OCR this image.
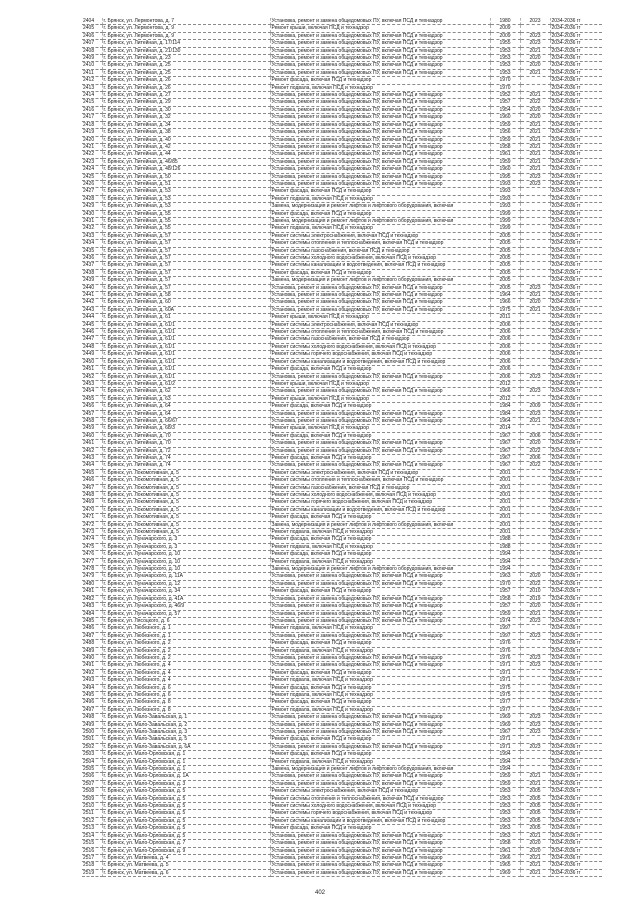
2404	г. Брянск, ул. Лермонтова, д. 7	Установка, ремонт и замена общедомовых ПУ, включая ПСД и техназдор	1980	2023	2034-2036 гг
2405	г. Брянск, ул. Лермонтова, д. 9	Ремонт крыши, включая ПСД и технадзор	2009		2034-2036 гг
2406	г. Брянск, ул. Лермонтова, д. 9	Установка, ремонт и замена общедомовых ПУ, включая ПСД и технадзор	2009	2023	2034-2036 гг
2407	г. Брянск, ул. Литейная, д. 17/114	Установка, ремонт и замена общедомовых ПУ, включая ПСД и технадзор	1955	2023	2034-2036 гг
2408	г. Брянск, ул. Литейная, д. 21/130	Установка, ремонт и замена общедомовых ПУ, включая ПСД и технадзор	1953	2021	2034-2036 гг
2409	г. Брянск, ул. Литейная, д. 23	Установка, ремонт и замена общедомовых ПУ, включая ПСД и технадзор	1953	2020	2034-2036 гг
2410	г. Брянск, ул. Литейная, д. 25	Установка, ремонт и замена общедомовых ПУ, включая ПСД и технадзор	1953	2020	2034-2036 гг
2411	г. Брянск, ул. Литейная, д. 25	Установка, ремонт и замена общедомовых ПУ, включая ПСД и технадзор	1953	2021	2034-2036 гг
2412	г. Брянск, ул. Литейная, д. 26	Ремонт фасада, включая ПСД и технадзор	1970		2034-2036 гг
2413	г. Брянск, ул. Литейная, д. 26	Ремонт подвала, включая ПСД и технадзор	1970		2034-2036 гг
2414	г. Брянск, ул. Литейная, д. 27	Установка, ремонт и замена общедомовых ПУ, включая ПСД и технадзор	1952	2021	2034-2036 гг
2415	г. Брянск, ул. Литейная, д. 29	Установка, ремонт и замена общедомовых ПУ, включая ПСД и технадзор	1957	2022	2034-2036 гг
2416	г. Брянск, ул. Литейная, д. 30	Установка, ремонт и замена общедомовых ПУ, включая ПСД и технадзор	1954	2020	2034-2036 гг
2417	г. Брянск, ул. Литейная, д. 32	Установка, ремонт и замена общедомовых ПУ, включая ПСД и технадзор	1960	2020	2034-2036 гг
2418	г. Брянск, ул. Литейная, д. 34	Установка, ремонт и замена общедомовых ПУ, включая ПСД и технадзор	1959	2021	2034-2036 гг
2419	г. Брянск, ул. Литейная, д. 38	Установка, ремонт и замена общедомовых ПУ, включая ПСД и технадзор	1956	2021	2034-2036 гг
2420	г. Брянск, ул. Литейная, д. 40	Установка, ремонт и замена общедомовых ПУ, включая ПСД и технадзор	1959	2021	2034-2036 гг
2421	г. Брянск, ул. Литейная, д. 42	Установка, ремонт и замена общедомовых ПУ, включая ПСД и технадзор	1958	2021	2034-2036 гг
2422	г. Брянск, ул. Литейная, д. 44	Установка, ремонт и замена общедомовых ПУ, включая ПСД и технадзор	1961	2021	2034-2036 гг
2423	г. Брянск, ул. Литейная, д. 46/85	Установка, ремонт и замена общедомовых ПУ, включая ПСД и технадзор	1959	2021	2034-2036 гг
2424	г. Брянск, ул. Литейная, д. 48/126	Установка, ремонт и замена общедомовых ПУ, включая ПСД и технадзор	1960	2021	2034-2036 гг
2425	г. Брянск, ул. Литейная, д. 50	Установка, ремонт и замена общедомовых ПУ, включая ПСД и технадзор	1995	2023	2034-2036 гг
2426	г. Брянск, ул. Литейная, д. 51	Установка, ремонт и замена общедомовых ПУ, включая ПСД и технадзор	1993	2023	2034-2036 гг
2427	г. Брянск, ул. Литейная, д. 53	Ремонт фасада, включая ПСД и технадзор	1993		2034-2036 гг
2428	г. Брянск, ул. Литейная, д. 53	Ремонт подвала, включая ПСД и технадзор	1993		2034-2036 гг
2429	г. Брянск, ул. Литейная, д. 53	Замена, модернизация и ремонт лифтов и лифтового оборудования, включая	1993		2034-2036 гг
2430	г. Брянск, ул. Литейная, д. 55	Ремонт фасада, включая ПСД и технадзор	1999		2034-2036 гг
2431	г. Брянск, ул. Литейная, д. 55	Замена, модернизация и ремонт лифтов и лифтового оборудования, включая	1999		2034-2036 гг
2432	г. Брянск, ул. Литейная, д. 55	Ремонт подвала, включая ПСД и технадзор	1999		2034-2036 гг
2433	г. Брянск, ул. Литейная, д. 57	Ремонт системы электроснабжения, включая ПСД и технадзор	2005		2034-2036 гг
2434	г. Брянск, ул. Литейная, д. 57	Ремонт системы отопления и теплоснабжения, включая ПСД и технадзор	2005		2034-2036 гг
2435	г. Брянск, ул. Литейная, д. 57	Ремонт системы газоснабжения, включая ПСД и технадзор	2005		2034-2036 гг
2436	г. Брянск, ул. Литейная, д. 57	Ремонт системы холодного водоснабжения, включая ПСД и технадзор	2005		2034-2036 гг
2437	г. Брянск, ул. Литейная, д. 57	Ремонт системы канализации и водоотведения, включая ПСД и технадзор	2005		2034-2036 гг
2438	г. Брянск, ул. Литейная, д. 57	Ремонт фасада, включая ПСД и технадзор	2005		2034-2036 гг
2439	г. Брянск, ул. Литейная, д. 57	Замена, модернизация и ремонт лифтов и лифтового оборудования, включая	2005		2034-2036 гг
2440	г. Брянск, ул. Литейная, д. 57	Установка, ремонт и замена общедомовых ПУ, включая ПСД и технадзор	2005	2023	2034-2036 гг
2441	г. Брянск, ул. Литейная, д. 58	Установка, ремонт и замена общедомовых ПУ, включая ПСД и технадзор	1964	2021	2034-2036 гг
2442	г. Брянск, ул. Литейная, д. 60	Установка, ремонт и замена общедомовых ПУ, включая ПСД и технадзор	1966	2020	2034-2036 гг
2443	г. Брянск, ул. Литейная, д. 60А	Установка, ремонт и замена общедомовых ПУ, включая ПСД и технадзор	1975	2021	2034-2036 гг
2444	г. Брянск, ул. Литейная, д. 61	Ремонт крыши, включая ПСД и технадзор	2011		2034-2036 гг
2445	г. Брянск, ул. Литейная, д. 61/1	Ремонт системы электроснабжения, включая ПСД и технадзор	2006		2034-2036 гг
2446	г. Брянск, ул. Литейная, д. 61/1	Ремонт системы отопления и теплоснабжения, включая ПСД и технадзор	2006		2034-2036 гг
2447	г. Брянск, ул. Литейная, д. 61/1	Ремонт системы газоснабжения, включая ПСД и технадзор	2006		2034-2036 гг
2448	г. Брянск, ул. Литейная, д. 61/1	Ремонт системы холодного водоснабжения, включая ПСД и технадзор	2006		2034-2036 гг
2449	г. Брянск, ул. Литейная, д. 61/1	Ремонт системы горячего водоснабжения, включая ПСД и технадзор	2006		2034-2036 гг
2450	г. Брянск, ул. Литейная, д. 61/1	Ремонт системы канализации и водоотведения, включая ПСД и технадзор	2006		2034-2036 гг
2451	г. Брянск, ул. Литейная, д. 61/1	Ремонт фасада, включая ПСД и технадзор	2006		2034-2036 гг
2452	г. Брянск, ул. Литейная, д. 61/1	Установка, ремонт и замена общедомовых ПУ, включая ПСД и технадзор	2006	2023	2034-2036 гг
2453	г. Брянск, ул. Литейная, д. 61/2	Ремонт крыши, включая ПСД и технадзор	2012		2034-2036 гг
2454	г. Брянск, ул. Литейная, д. 62	Установка, ремонт и замена общедомовых ПУ, включая ПСД и технадзор	1966	2023	2034-2036 гг
2455	г. Брянск, ул. Литейная, д. 63	Ремонт крыши, включая ПСД и технадзор	2012		2034-2036 гг
2456	г. Брянск, ул. Литейная, д. 64	Ремонт фасада, включая ПСД и технадзор	1984	2009	2034-2036 гг
2457	г. Брянск, ул. Литейная, д. 64	Установка, ремонт и замена общедомовых ПУ, включая ПСД и технадзор	1984	2023	2034-2036 гг
2458	г. Брянск, ул. Литейная, д. 66/67	Установка, ремонт и замена общедомовых ПУ, включая ПСД и технадзор	1964	2021	2034-2036 гг
2459	г. Брянск, ул. Литейная, д. 68/3	Ремонт крыши, включая ПСД и технадзор	2014		2034-2036 гг
2460	г. Брянск, ул. Литейная, д. 70	Ремонт фасада, включая ПСД и технадзор	1967	2006	2034-2036 гг
2461	г. Брянск, ул. Литейная, д. 70	Установка, ремонт и замена общедомовых ПУ, включая ПСД и технадзор	1967	2020	2034-2036 гг
2462	г. Брянск, ул. Литейная, д. 72	Установка, ремонт и замена общедомовых ПУ, включая ПСД и технадзор	1967	2022	2034-2036 гг
2463	г. Брянск, ул. Литейная, д. 74	Ремонт фасада, включая ПСД и технадзор	1967	2006	2034-2036 гг
2464	г. Брянск, ул. Литейная, д. 74	Установка, ремонт и замена общедомовых ПУ, включая ПСД и технадзор	1967	2022	2034-2036 гг
2465	г. Брянск, ул. Локомотивная, д. 5	Ремонт системы электроснабжения, включая ПСД и технадзор	2001		2034-2036 гг
2466	г. Брянск, ул. Локомотивная, д. 5	Ремонт системы отопления и теплоснабжения, включая ПСД и технадзор	2001		2034-2036 гг
2467	г. Брянск, ул. Локомотивная, д. 5	Ремонт системы газоснабжения, включая ПСД и технадзор	2001		2034-2036 гг
2468	г. Брянск, ул. Локомотивная, д. 5	Ремонт системы холодного водоснабжения, включая ПСД и технадзор	2001		2034-2036 гг
2469	г. Брянск, ул. Локомотивная, д. 5	Ремонт системы горячего водоснабжения, включая ПСД и технадзор	2001		2034-2036 гг
2470	г. Брянск, ул. Локомотивная, д. 5	Ремонт системы канализации и водоотведения, включая ПСД и технадзор	2001		2034-2036 гг
2471	г. Брянск, ул. Локомотивная, д. 5	Ремонт фасада, включая ПСД и технадзор	2001		2034-2036 гг
2472	г. Брянск, ул. Локомотивная, д. 5	Замена, модернизация и ремонт лифтов и лифтового оборудования, включая	2001		2034-2036 гг
2473	г. Брянск, ул. Локомотивная, д. 5	Ремонт подвала, включая ПСД и технадзор	2001		2034-2036 гг
2474	г. Брянск, ул. Луначарского, д. 3	Ремонт фасада, включая ПСД и технадзор	1988		2034-2036 гг
2475	г. Брянск, ул. Луначарского, д. 3	Ремонт подвала, включая ПСД и технадзор	1988		2034-2036 гг
2476	г. Брянск, ул. Луначарского, д. 10	Ремонт фасада, включая ПСД и технадзор	1994		2034-2036 гг
2477	г. Брянск, ул. Луначарского, д. 10	Ремонт подвала, включая ПСД и технадзор	1994		2034-2036 гг
2478	г. Брянск, ул. Луначарского, д. 10	Замена, модернизация и ремонт лифтов и лифтового оборудования, включая	1994		2034-2036 гг
2479	г. Брянск, ул. Луначарского, д. 11А	Установка, ремонт и замена общедомовых ПУ, включая ПСД и технадзор	1963	2020	2034-2036 гг
2480	г. Брянск, ул. Луначарского, д. 12	Установка, ремонт и замена общедомовых ПУ, включая ПСД и технадзор	1970	2022	2034-2036 гг
2481	г. Брянск, ул. Луначарского, д. 34	Ремонт фасада, включая ПСД и технадзор	1957	2010	2034-2036 гг
2482	г. Брянск, ул. Луначарского, д. 41А	Установка, ремонт и замена общедомовых ПУ, включая ПСД и технадзор	1958	2019	2034-2036 гг
2483	г. Брянск, ул. Луначарского, д. 46/9	Установка, ремонт и замена общедомовых ПУ, включая ПСД и технадзор	1957	2020	2034-2036 гг
2484	г. Брянск, ул. Луначарского, д. 57	Установка, ремонт и замена общедомовых ПУ, включая ПСД и технадзор	1959	2021	2034-2036 гг
2485	г. Брянск, ул. Лясоцкого, д. 6	Установка, ремонт и замена общедомовых ПУ, включая ПСД и технадзор	1974	2023	2034-2036 гг
2486	г. Брянск, ул. Любезного, д. 1	Ремонт подвала, включая ПСД и технадзор	1997		2034-2036 гг
2487	г. Брянск, ул. Любезного, д. 1	Установка, ремонт и замена общедомовых ПУ, включая ПСД и технадзор	1997	2023	2034-2036 гг
2488	г. Брянск, ул. Любезного, д. 2	Ремонт фасада, включая ПСД и технадзор	1976		2034-2036 гг
2489	г. Брянск, ул. Любезного, д. 2	Ремонт подвала, включая ПСД и технадзор	1976		2034-2036 гг
2490	г. Брянск, ул. Любезного, д. 2	Установка, ремонт и замена общедомовых ПУ, включая ПСД и технадзор	1976	2023	2034-2036 гг
2491	г. Брянск, ул. Любезного, д. 4	Установка, ремонт и замена общедомовых ПУ, включая ПСД и технадзор	1971	2023	2034-2036 гг
2492	г. Брянск, ул. Любезного, д. 4	Ремонт фасада, включая ПСД и технадзор	1971		2034-2036 гг
2493	г. Брянск, ул. Любезного, д. 4	Ремонт подвала, включая ПСД и технадзор	1971		2034-2036 гг
2494	г. Брянск, ул. Любезного, д. 6	Ремонт фасада, включая ПСД и технадзор	1975		2034-2036 гг
2495	г. Брянск, ул. Любезного, д. 6	Ремонт подвала, включая ПСД и технадзор	1975		2034-2036 гг
2496	г. Брянск, ул. Любезного, д. 8	Ремонт фасада, включая ПСД и технадзор	1977		2034-2036 гг
2497	г. Брянск, ул. Любезного, д. 8	Ремонт подвала, включая ПСД и технадзор	1977		2034-2036 гг
2498	г. Брянск, ул. Мало-Завальская, д. 1	Установка, ремонт и замена общедомовых ПУ, включая ПСД и технадзор	1969	2023	2034-2036 гг
2499	г. Брянск, ул. Мало-Завальская, д. 2	Установка, ремонт и замена общедомовых ПУ, включая ПСД и технадзор	1969	2023	2034-2036 гг
2500	г. Брянск, ул. Мало-Завальская, д. 3	Установка, ремонт и замена общедомовых ПУ, включая ПСД и технадзор	1967	2023	2034-2036 гг
2501	г. Брянск, ул. Мало-Завальская, д. 5	Ремонт фасада, включая ПСД и технадзор	1971		2034-2036 гг
2502	г. Брянск, ул. Мало-Завальская, д. 6А	Установка, ремонт и замена общедомовых ПУ, включая ПСД и технадзор	1971	2023	2034-2036 гг
2503	г. Брянск, ул. Мало-Орловская, д. 1	Ремонт фасада, включая ПСД и технадзор	1994		2034-2036 гг
2504	г. Брянск, ул. Мало-Орловская, д. 1	Ремонт подвала, включая ПСД и технадзор	1994		2034-2036 гг
2505	г. Брянск, ул. Мало-Орловская, д. 1	Замена, модернизация и ремонт лифтов и лифтового оборудования, включая	1994		2034-2036 гг
2506	г. Брянск, ул. Мало-Орловская, д. 1А	Установка, ремонт и замена общедомовых ПУ, включая ПСД и технадзор	1959	2021	2034-2036 гг
2507	г. Брянск, ул. Мало-Орловская, д. 3	Установка, ремонт и замена общедомовых ПУ, включая ПСД и технадзор	1959	2021	2034-2036 гг
2508	г. Брянск, ул. Мало-Орловская, д. 5	Ремонт системы электроснабжения, включая ПСД и технадзор	1953	2005	2034-2036 гг
2509	г. Брянск, ул. Мало-Орловская, д. 5	Ремонт системы отопления и теплоснабжения, включая ПСД и технадзор	1953	2005	2034-2036 гг
2510	г. Брянск, ул. Мало-Орловская, д. 5	Ремонт системы холодного водоснабжения, включая ПСД и технадзор	1953	2005	2034-2036 гг
2511	г. Брянск, ул. Мало-Орловская, д. 5	Ремонт системы горячего водоснабжения, включая ПСД и технадзор	1953	2005	2034-2036 гг
2512	г. Брянск, ул. Мало-Орловская, д. 5	Ремонт системы канализации и водоотведения, включая ПСД и технадзор	1953	2005	2034-2036 гг
2513	г. Брянск, ул. Мало-Орловская, д. 5	Ремонт фасада, включая ПСД и технадзор	1953	2005	2034-2036 гг
2514	г. Брянск, ул. Мало-Орловская, д. 5	Установка, ремонт и замена общедомовых ПУ, включая ПСД и технадзор	1953	2021	2034-2036 гг
2515	г. Брянск, ул. Мало-Орловская, д. 7	Установка, ремонт и замена общедомовых ПУ, включая ПСД и технадзор	1958	2020	2034-2036 гг
2516	г. Брянск, ул. Мало-Орловская, д. 9	Установка, ремонт и замена общедомовых ПУ, включая ПСД и технадзор	1961	2020	2034-2036 гг
2517	г. Брянск, ул. Матвеева, д. 4	Установка, ремонт и замена общедомовых ПУ, включая ПСД и технадзор	1966	2021	2034-2036 гг
2518	г. Брянск, ул. Матвеева, д. 5	Установка, ремонт и замена общедомовых ПУ, включая ПСД и технадзор	1965	2021	2034-2036 гг
2519	г. Брянск, ул. Матвеева, д. 6	Установка, ремонт и замена общедомовых ПУ, включая ПСД и технадзор	1969	2021	2034-2036 гг
402
